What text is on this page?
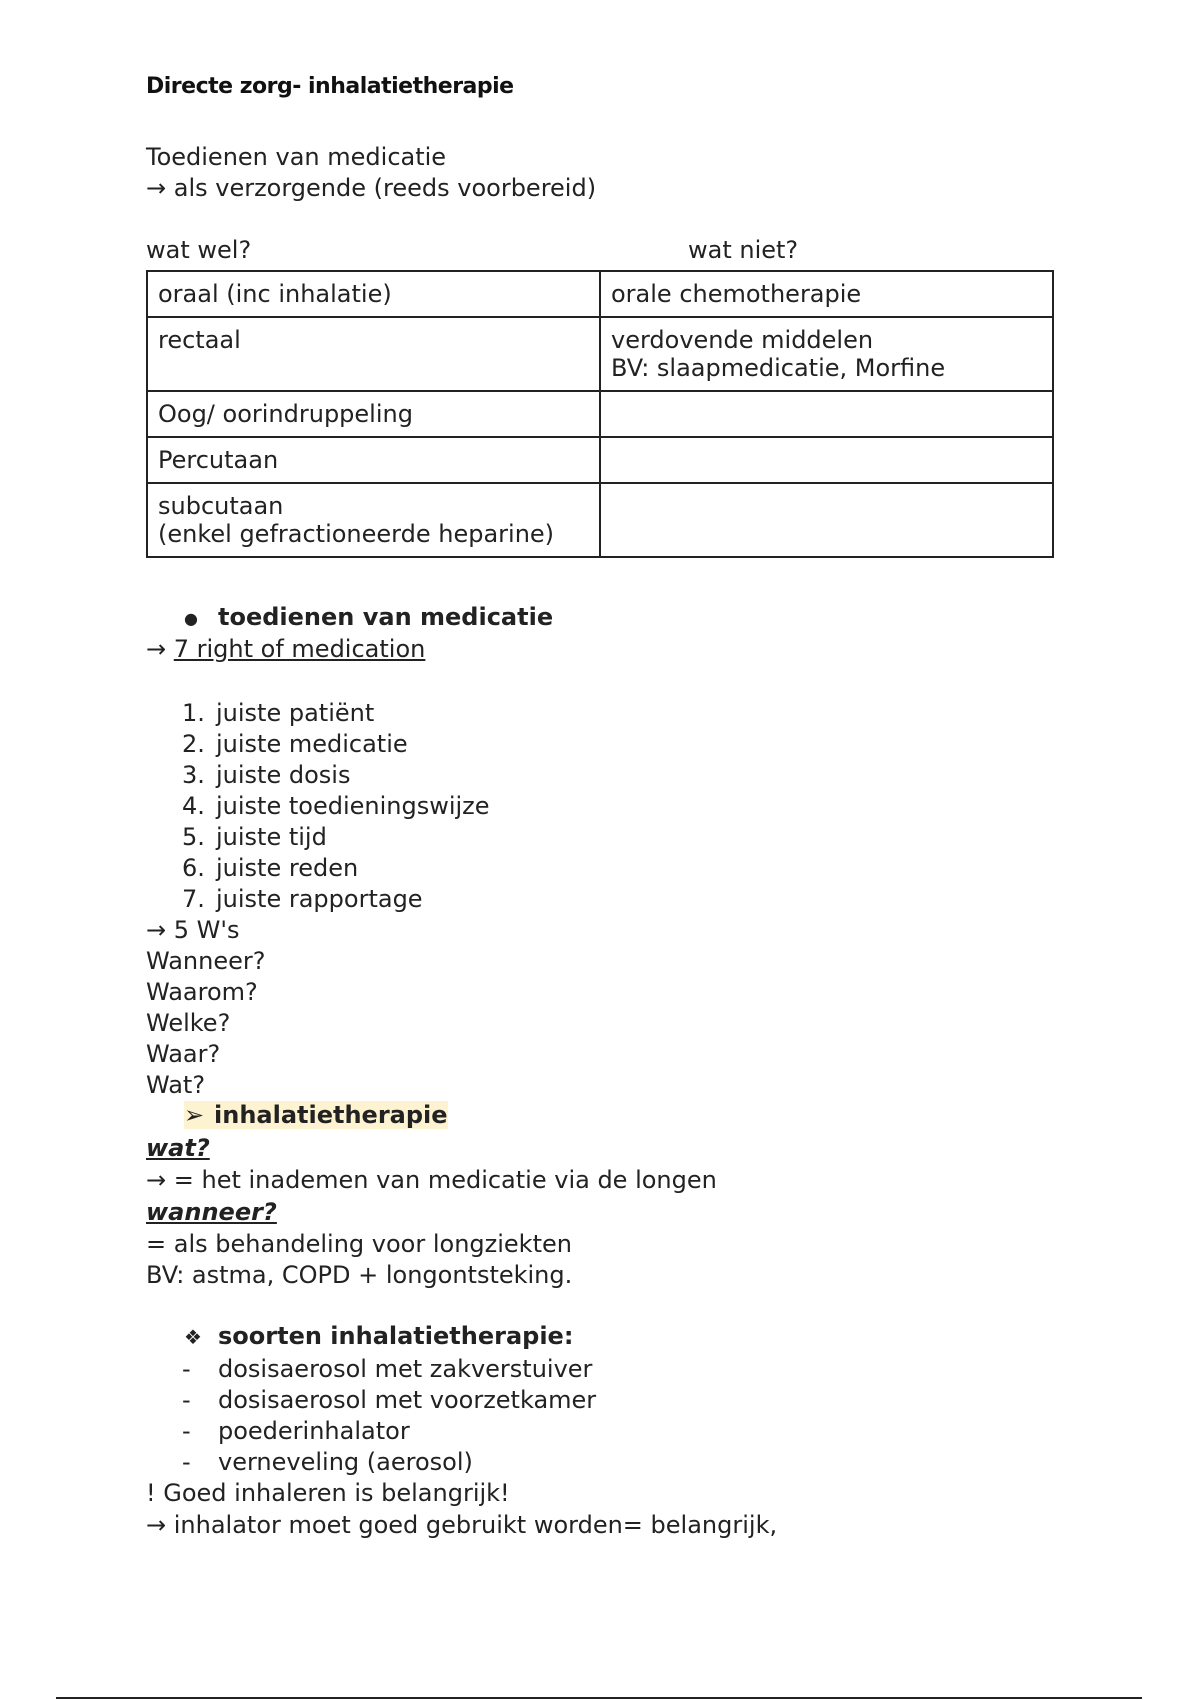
Directe zorg- inhalatietherapie
Toedienen van medicatie
→ als verzorgende (reeds voorbereid)
wat wel?	wat niet?
oraal (inc inhalatie)	orale chemotherapie
rectaal	verdovende middelen
BV: slaapmedicatie, Morfine
Oog/ oorindruppeling	
Percutaan	
subcutaan
(enkel gefractioneerde heparine)	
● toedienen van medicatie
→ 7 right of medication
1. juiste patiënt
2. juiste medicatie
3. juiste dosis
4. juiste toedieningswijze
5. juiste tijd
6. juiste reden
7. juiste rapportage
→ 5 W's
Wanneer?
Waarom?
Welke?
Waar?
Wat?
➢ inhalatietherapie
wat?
→ = het inademen van medicatie via de longen
wanneer?
= als behandeling voor longziekten
BV: astma, COPD + longontsteking.
❖ soorten inhalatietherapie:
- dosisaerosol met zakverstuiver
- dosisaerosol met voorzetkamer
- poederinhalator
- verneveling (aerosol)
! Goed inhaleren is belangrijk!
→ inhalator moet goed gebruikt worden= belangrijk,
